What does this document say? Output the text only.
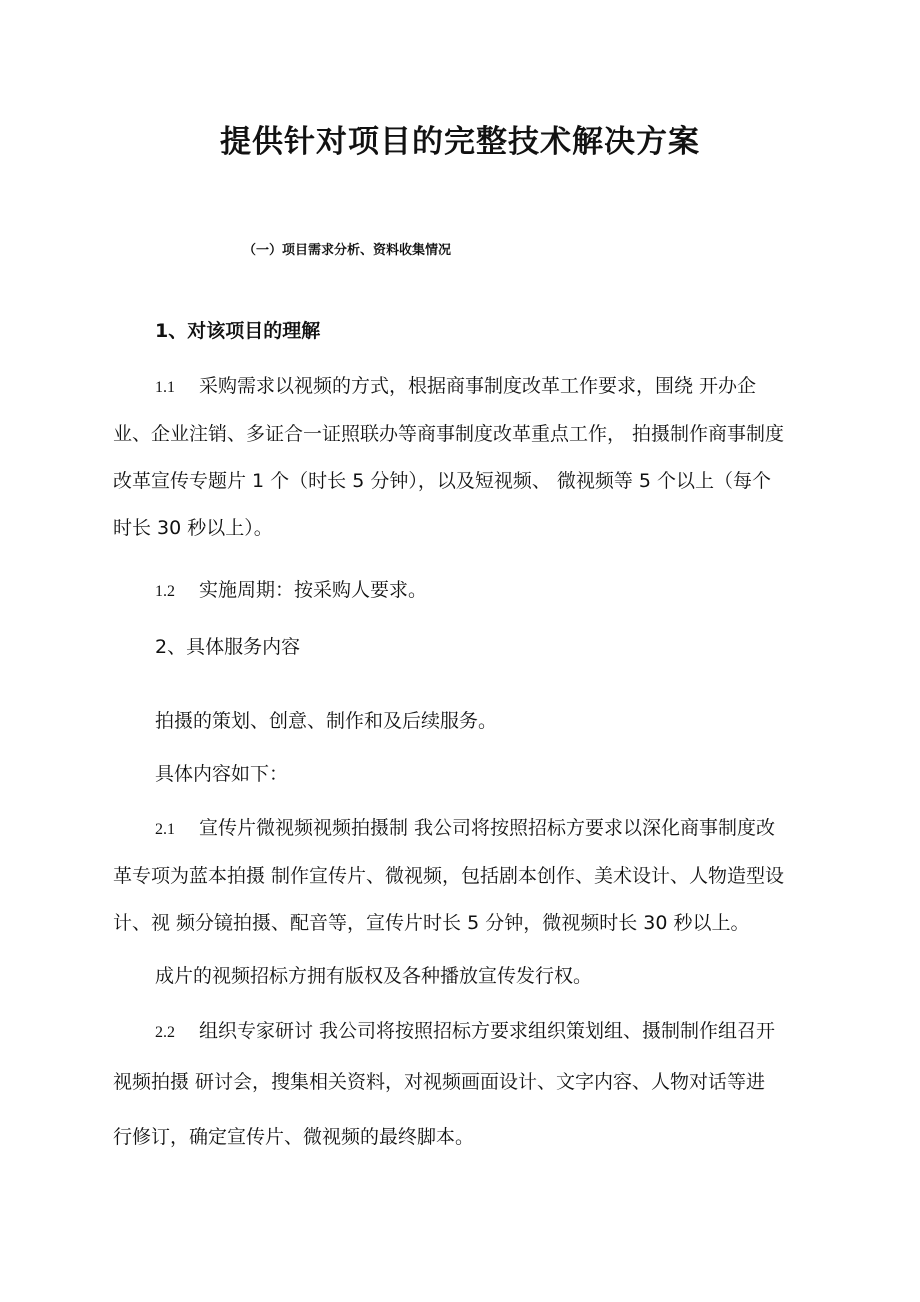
提供针对项目的完整技术解决方案
（一）项目需求分析、资料收集情况
1、对该项目的理解
1.1 采购需求以视频的方式，根据商事制度改革工作要求，围绕 开办企
业、企业注销、多证合一证照联办等商事制度改革重点工作， 拍摄制作商事制度
改革宣传专题片 1 个（时长 5 分钟），以及短视频、 微视频等 5 个以上（每个
时长 30 秒以上）。
1.2 实施周期：按采购人要求。
2、具体服务内容
拍摄的策划、创意、制作和及后续服务。
具体内容如下：
2.1 宣传片微视频视频拍摄制 我公司将按照招标方要求以深化商事制度改
革专项为蓝本拍摄 制作宣传片、微视频，包括剧本创作、美术设计、人物造型设
计、视 频分镜拍摄、配音等，宣传片时长 5 分钟，微视频时长 30 秒以上。
成片的视频招标方拥有版权及各种播放宣传发行权。
2.2 组织专家研讨 我公司将按照招标方要求组织策划组、摄制制作组召开
视频拍摄 研讨会，搜集相关资料，对视频画面设计、文字内容、人物对话等进
行修订，确定宣传片、微视频的最终脚本。
